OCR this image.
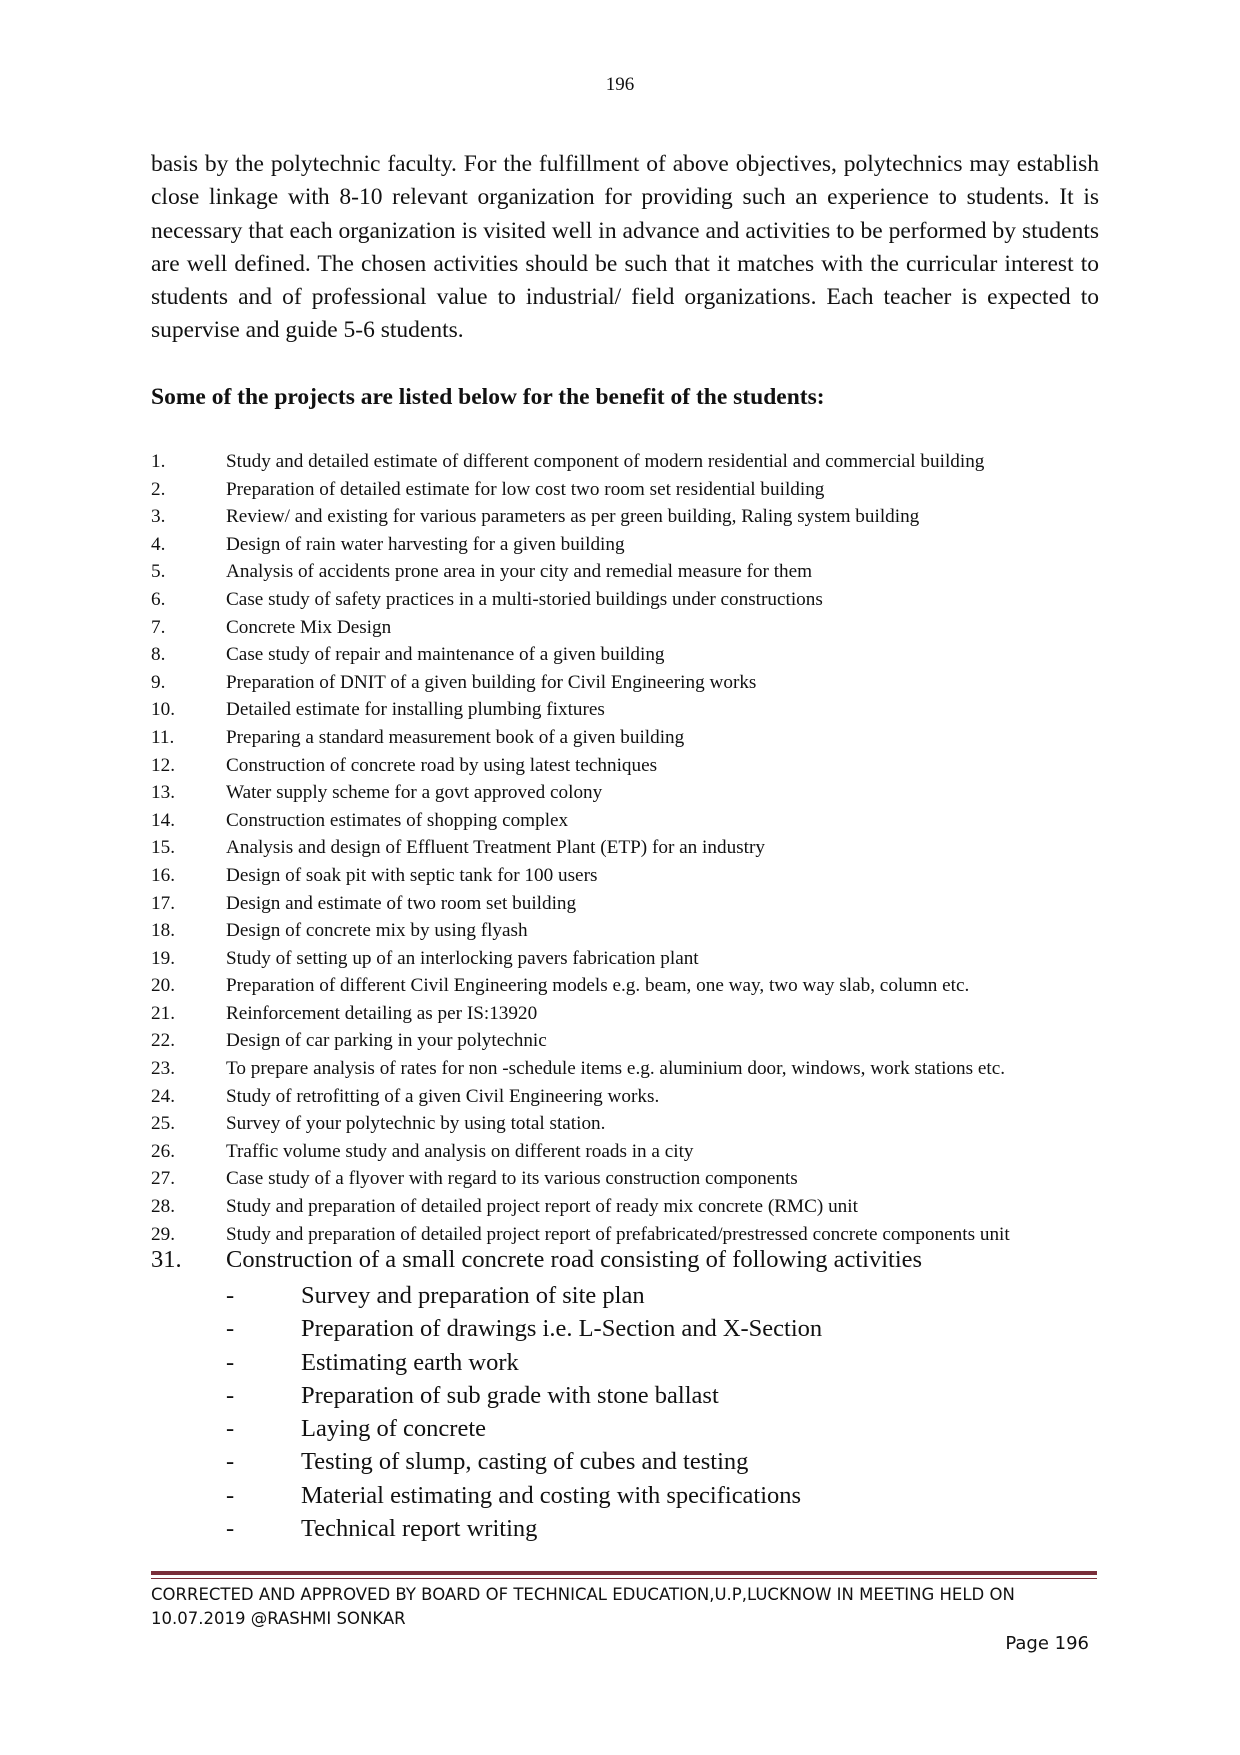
196

basis by the polytechnic faculty. For the fulfillment of above objectives, polytechnics may establish close linkage with 8-10 relevant organization for providing such an experience to students. It is necessary that each organization is visited well in advance and activities to be performed by students are well defined. The chosen activities should be such that it matches with the curricular interest to students and of professional value to industrial/ field organizations. Each teacher is expected to supervise and guide 5-6 students.

Some of the projects are listed below for the benefit of the students:

1.	Study and detailed estimate of different component of modern residential and commercial building
2.	Preparation of detailed estimate for low cost two room set residential building
3.	Review/ and existing for various parameters as per green building, Raling system building
4.	Design of rain water harvesting for a given building
5.	Analysis of accidents prone area in your city and remedial measure for them
6.	Case study of safety practices in a multi-storied buildings under constructions
7.	Concrete Mix Design
8.	Case study of repair and maintenance of a given building
9.	Preparation of DNIT of a given building for Civil Engineering works
10.	Detailed estimate for installing plumbing fixtures
11.	Preparing a standard measurement book of a given building
12.	Construction of concrete road by using latest techniques
13.	Water supply scheme for a govt approved colony
14.	Construction estimates of shopping complex
15.	Analysis and design of Effluent Treatment Plant (ETP) for an industry
16.	Design of soak pit with septic tank for 100 users
17.	Design and estimate of two room set building
18.	Design of concrete mix by using flyash
19.	Study of setting up of an interlocking pavers fabrication plant
20.	Preparation of different Civil Engineering models e.g. beam, one way, two way slab, column etc.
21.	Reinforcement detailing as per IS:13920
22.	Design of car parking in your polytechnic
23.	To prepare analysis of rates for non -schedule items e.g. aluminium door, windows, work stations etc.
24.	Study of retrofitting of a given Civil Engineering works.
25.	Survey of your polytechnic by using total station.
26.	Traffic volume study and analysis on different roads in a city
27.	Case study of a flyover with regard to its various construction components
28.	Study and preparation of detailed project report of ready mix concrete (RMC) unit
29.	Study and preparation of detailed project report of prefabricated/prestressed concrete components unit
31.	Construction of a small concrete road consisting of following activities
-	Survey and preparation of site plan
-	Preparation of drawings i.e. L-Section and X-Section
-	Estimating earth work
-	Preparation of sub grade with stone ballast
-	Laying of concrete
-	Testing of slump, casting of cubes and testing
-	Material estimating and costing with specifications
-	Technical report writing

CORRECTED AND APPROVED BY BOARD OF TECHNICAL EDUCATION,U.P,LUCKNOW IN MEETING HELD ON 10.07.2019 @RASHMI SONKAR

Page 196
